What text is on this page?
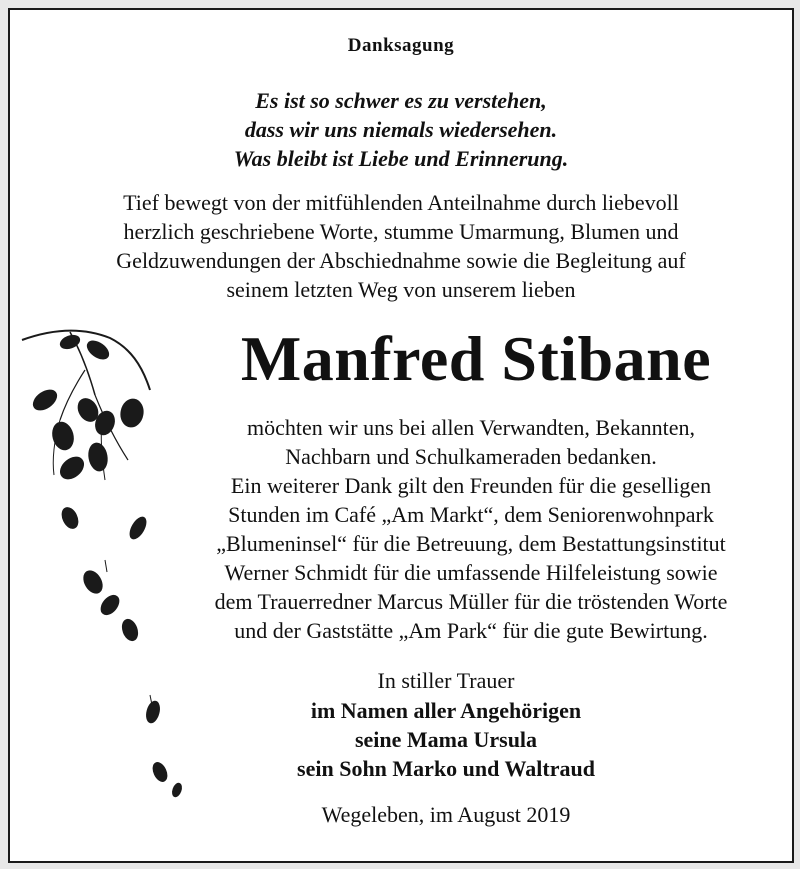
Danksagung
Es ist so schwer es zu verstehen,
dass wir uns niemals wiedersehen.
Was bleibt ist Liebe und Erinnerung.
Tief bewegt von der mitfühlenden Anteilnahme durch liebevoll
herzlich geschriebene Worte, stumme Umarmung, Blumen und
Geldzuwendungen der Abschiednahme sowie die Begleitung auf
seinem letzten Weg von unserem lieben
Manfred Stibane
möchten wir uns bei allen Verwandten, Bekannten,
Nachbarn und Schulkameraden bedanken.
Ein weiterer Dank gilt den Freunden für die geselligen
Stunden im Café „Am Markt“, dem Seniorenwohnpark
„Blumeninsel“ für die Betreuung, dem Bestattungsinstitut
Werner Schmidt für die umfassende Hilfeleistung sowie
dem Trauerredner Marcus Müller für die tröstenden Worte
und der Gaststätte „Am Park“ für die gute Bewirtung.
In stiller Trauer
im Namen aller Angehörigen
seine Mama Ursula
sein Sohn Marko und Waltraud
Wegeleben, im August 2019
